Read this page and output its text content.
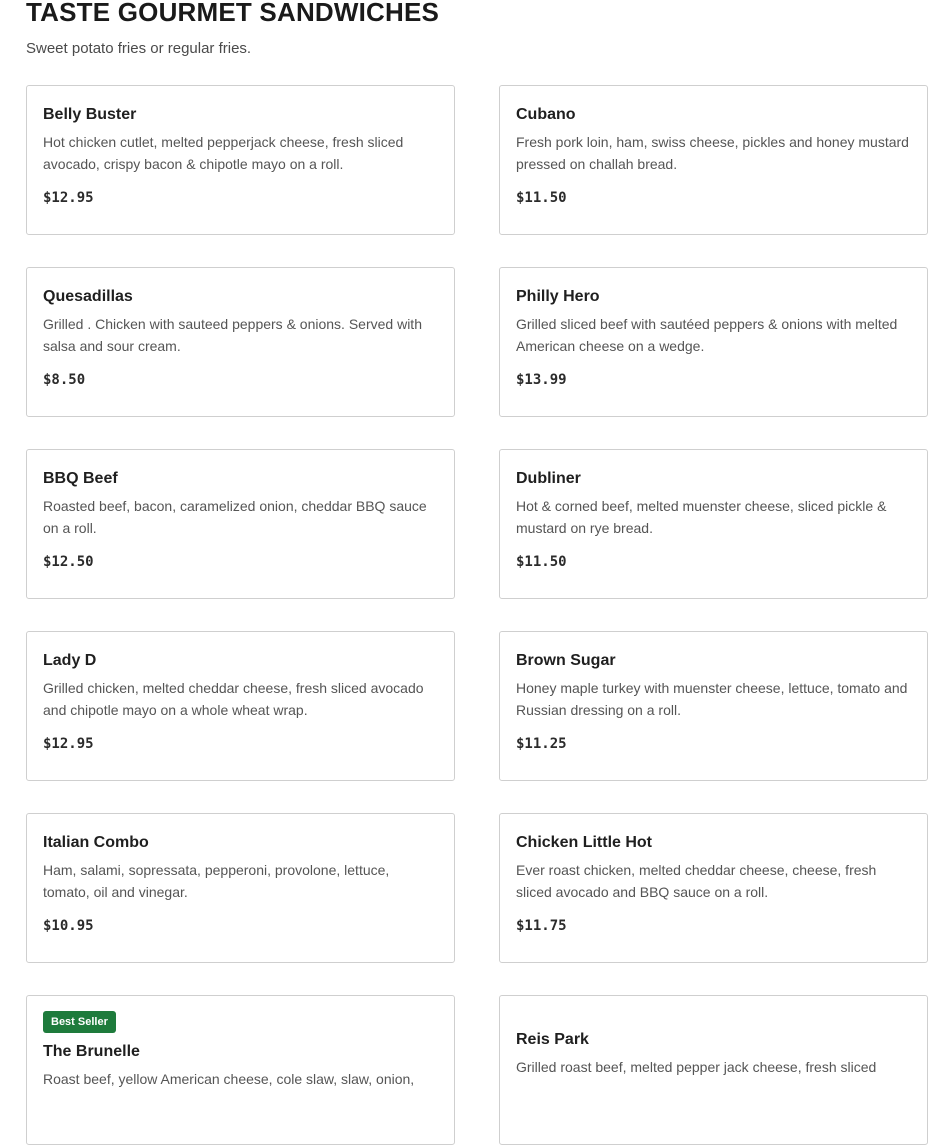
TASTE GOURMET SANDWICHES

Sweet potato fries or regular fries.

Belly Buster
Hot chicken cutlet, melted pepperjack cheese, fresh sliced avocado, crispy bacon & chipotle mayo on a roll.
$12.95
Cubano
Fresh pork loin, ham, swiss cheese, pickles and honey mustard pressed on challah bread.
$11.50
Quesadillas
Grilled . Chicken with sauteed peppers & onions. Served with salsa and sour cream.
$8.50
Philly Hero
Grilled sliced beef with sautéed peppers & onions with melted American cheese on a wedge.
$13.99
BBQ Beef
Roasted beef, bacon, caramelized onion, cheddar BBQ sauce on a roll.
$12.50
Dubliner
Hot & corned beef, melted muenster cheese, sliced pickle & mustard on rye bread.
$11.50
Lady D
Grilled chicken, melted cheddar cheese, fresh sliced avocado and chipotle mayo on a whole wheat wrap.
$12.95
Brown Sugar
Honey maple turkey with muenster cheese, lettuce, tomato and Russian dressing on a roll.
$11.25
Italian Combo
Ham, salami, sopressata, pepperoni, provolone, lettuce, tomato, oil and vinegar.
$10.95
Chicken Little Hot
Ever roast chicken, melted cheddar cheese, cheese, fresh sliced avocado and BBQ sauce on a roll.
$11.75
Best Seller
The Brunelle
Roast beef, yellow American cheese, cole slaw, slaw, onion,
Reis Park
Grilled roast beef, melted pepper jack cheese, fresh sliced
